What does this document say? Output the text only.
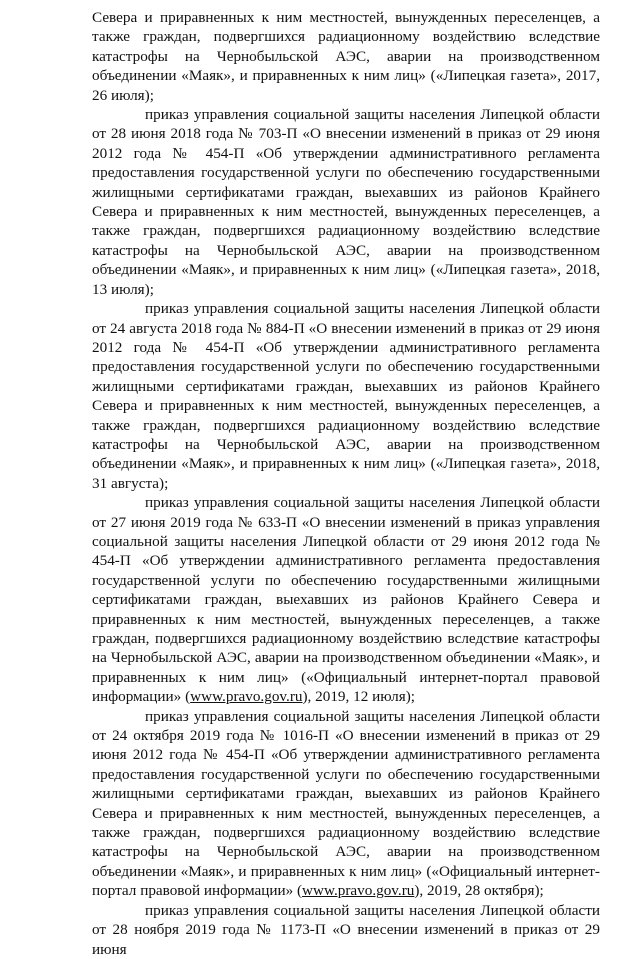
Севера и приравненных к ним местностей, вынужденных переселенцев, а также граждан, подвергшихся радиационному воздействию вследствие катастрофы на Чернобыльской АЭС, аварии на производственном объединении «Маяк», и приравненных к ним лиц» («Липецкая газета», 2017, 26 июля);

приказ управления социальной защиты населения Липецкой области от 28 июня 2018 года № 703-П «О внесении изменений в приказ от 29 июня 2012 года № 454-П «Об утверждении административного регламента предоставления государственной услуги по обеспечению государственными жилищными сертификатами граждан, выехавших из районов Крайнего Севера и приравненных к ним местностей, вынужденных переселенцев, а также граждан, подвергшихся радиационному воздействию вследствие катастрофы на Чернобыльской АЭС, аварии на производственном объединении «Маяк», и приравненных к ним лиц» («Липецкая газета», 2018, 13 июля);

приказ управления социальной защиты населения Липецкой области от 24 августа 2018 года № 884-П «О внесении изменений в приказ от 29 июня 2012 года № 454-П «Об утверждении административного регламента предоставления государственной услуги по обеспечению государственными жилищными сертификатами граждан, выехавших из районов Крайнего Севера и приравненных к ним местностей, вынужденных переселенцев, а также граждан, подвергшихся радиационному воздействию вследствие катастрофы на Чернобыльской АЭС, аварии на производственном объединении «Маяк», и приравненных к ним лиц» («Липецкая газета», 2018, 31 августа);

приказ управления социальной защиты населения Липецкой области от 27 июня 2019 года № 633-П «О внесении изменений в приказ управления социальной защиты населения Липецкой области от 29 июня 2012 года № 454-П «Об утверждении административного регламента предоставления государственной услуги по обеспечению государственными жилищными сертификатами граждан, выехавших из районов Крайнего Севера и приравненных к ним местностей, вынужденных переселенцев, а также граждан, подвергшихся радиационному воздействию вследствие катастрофы на Чернобыльской АЭС, аварии на производственном объединении «Маяк», и приравненных к ним лиц» («Официальный интернет-портал правовой информации» (www.pravo.gov.ru), 2019, 12 июля);

приказ управления социальной защиты населения Липецкой области от 24 октября 2019 года № 1016-П «О внесении изменений в приказ от 29 июня 2012 года № 454-П «Об утверждении административного регламента предоставления государственной услуги по обеспечению государственными жилищными сертификатами граждан, выехавших из районов Крайнего Севера и приравненных к ним местностей, вынужденных переселенцев, а также граждан, подвергшихся радиационному воздействию вследствие катастрофы на Чернобыльской АЭС, аварии на производственном объединении «Маяк», и приравненных к ним лиц» («Официальный интернет-портал правовой информации» (www.pravo.gov.ru), 2019, 28 октября);

приказ управления социальной защиты населения Липецкой области от 28 ноября 2019 года № 1173-П «О внесении изменений в приказ от 29 июня
